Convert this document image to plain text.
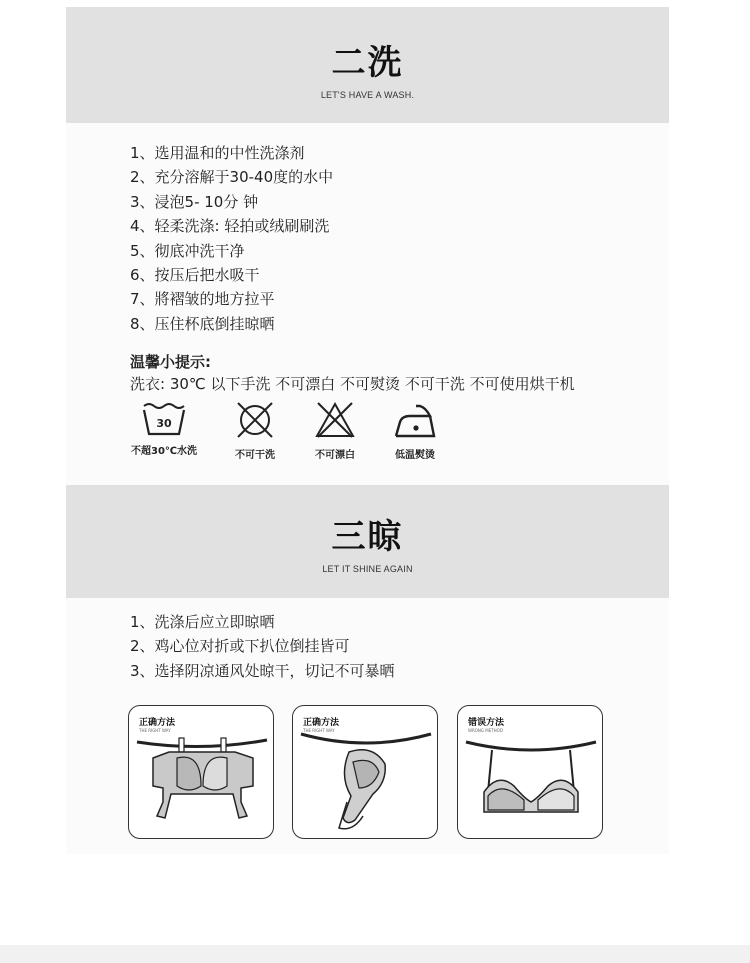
二洗
LET'S HAVE A WASH.
1、选用温和的中性洗涤剂
2、充分溶解于30-40度的水中
3、浸泡5- 10分 钟
4、轻柔洗涤: 轻拍或绒刷刷洗
5、彻底冲洗干净
6、按压后把水吸干
7、將褶皱的地方拉平
8、压住杯底倒挂晾晒
温馨小提示:
洗衣: 30℃ 以下手洗 不可漂白 不可熨烫 不可干洗 不可使用烘干机
30
不超30℃水洗	不可干洗	不可漂白	低温熨烫
三晾
LET IT SHINE AGAIN
1、洗涤后应立即晾晒
2、鸡心位对折或下扒位倒挂皆可
3、选择阴凉通风处晾干，切记不可暴晒
正确方法
THE RIGHT WAY
正确方法
THE RIGHT WAY
错误方法
WRONG METHOD
